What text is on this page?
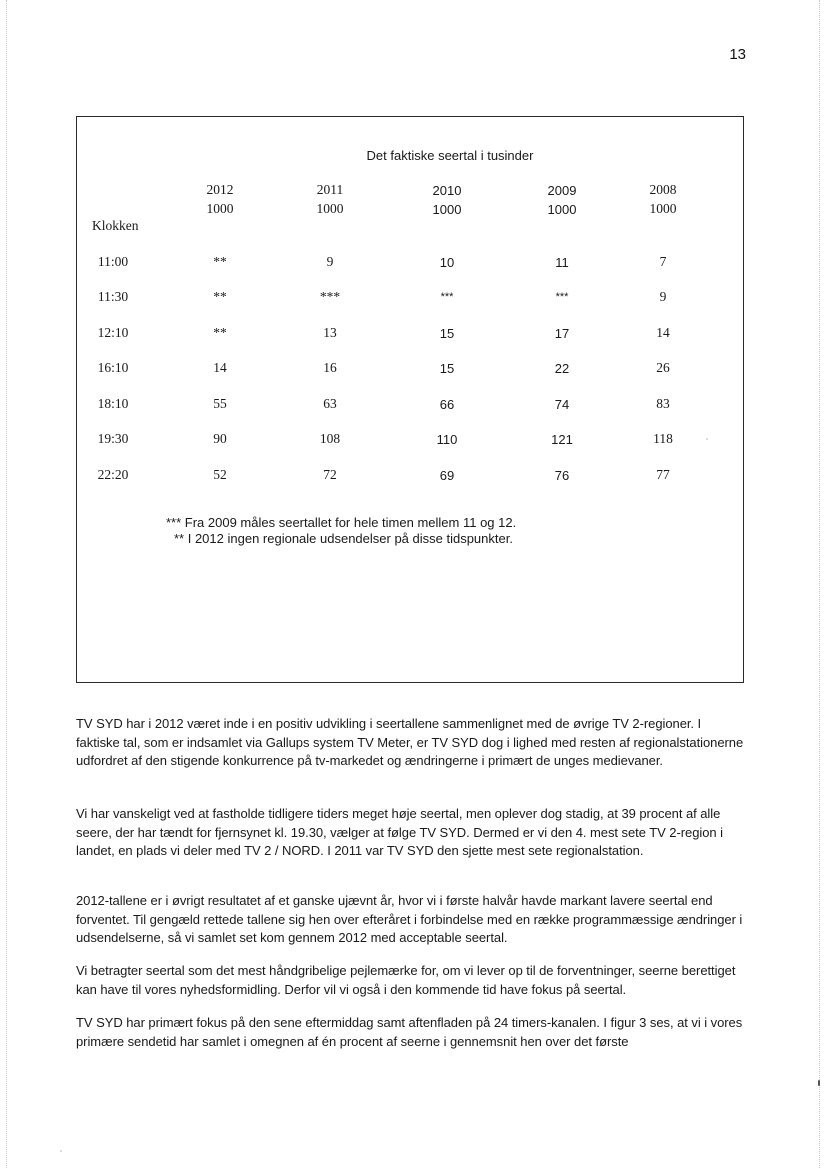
13
Det faktiske seertal i tusinder
2012
1000
2011
1000
2010
1000
2009
1000
2008
1000
Klokken
11:00	**	9	10	11	7
11:30	**	***	***	***	9
12:10	**	13	15	17	14
16:10	14	16	15	22	26
18:10	55	63	66	74	83
19:30	90	108	110	121	118
22:20	52	72	69	76	77
*** Fra 2009 måles seertallet for hele timen mellem 11 og 12.
** I 2012 ingen regionale udsendelser på disse tidspunkter.
TV SYD har i 2012 været inde i en positiv udvikling i seertallene sammenlignet med de øvrige TV 2-regioner. I faktiske tal, som er indsamlet via Gallups system TV Meter, er TV SYD dog i lighed med resten af regionalstationerne udfordret af den stigende konkurrence på tv-markedet og ændringerne i primært de unges medievaner.
Vi har vanskeligt ved at fastholde tidligere tiders meget høje seertal, men oplever dog stadig, at 39 procent af alle seere, der har tændt for fjernsynet kl. 19.30, vælger at følge TV SYD. Dermed er vi den 4. mest sete TV 2-region i landet, en plads vi deler med TV 2 / NORD. I 2011 var TV SYD den sjette mest sete regionalstation.
2012-tallene er i øvrigt resultatet af et ganske ujævnt år, hvor vi i første halvår havde markant lavere seertal end forventet. Til gengæld rettede tallene sig hen over efteråret i forbindelse med en række programmæssige ændringer i udsendelserne, så vi samlet set kom gennem 2012 med acceptable seertal.
Vi betragter seertal som det mest håndgribelige pejlemærke for, om vi lever op til de forventninger, seerne berettiget kan have til vores nyhedsformidling. Derfor vil vi også i den kommende tid have fokus på seertal.
TV SYD har primært fokus på den sene eftermiddag samt aftenfladen på 24 timers-kanalen. I figur 3 ses, at vi i vores primære sendetid har samlet i omegnen af én procent af seerne i gennemsnit hen over det første
